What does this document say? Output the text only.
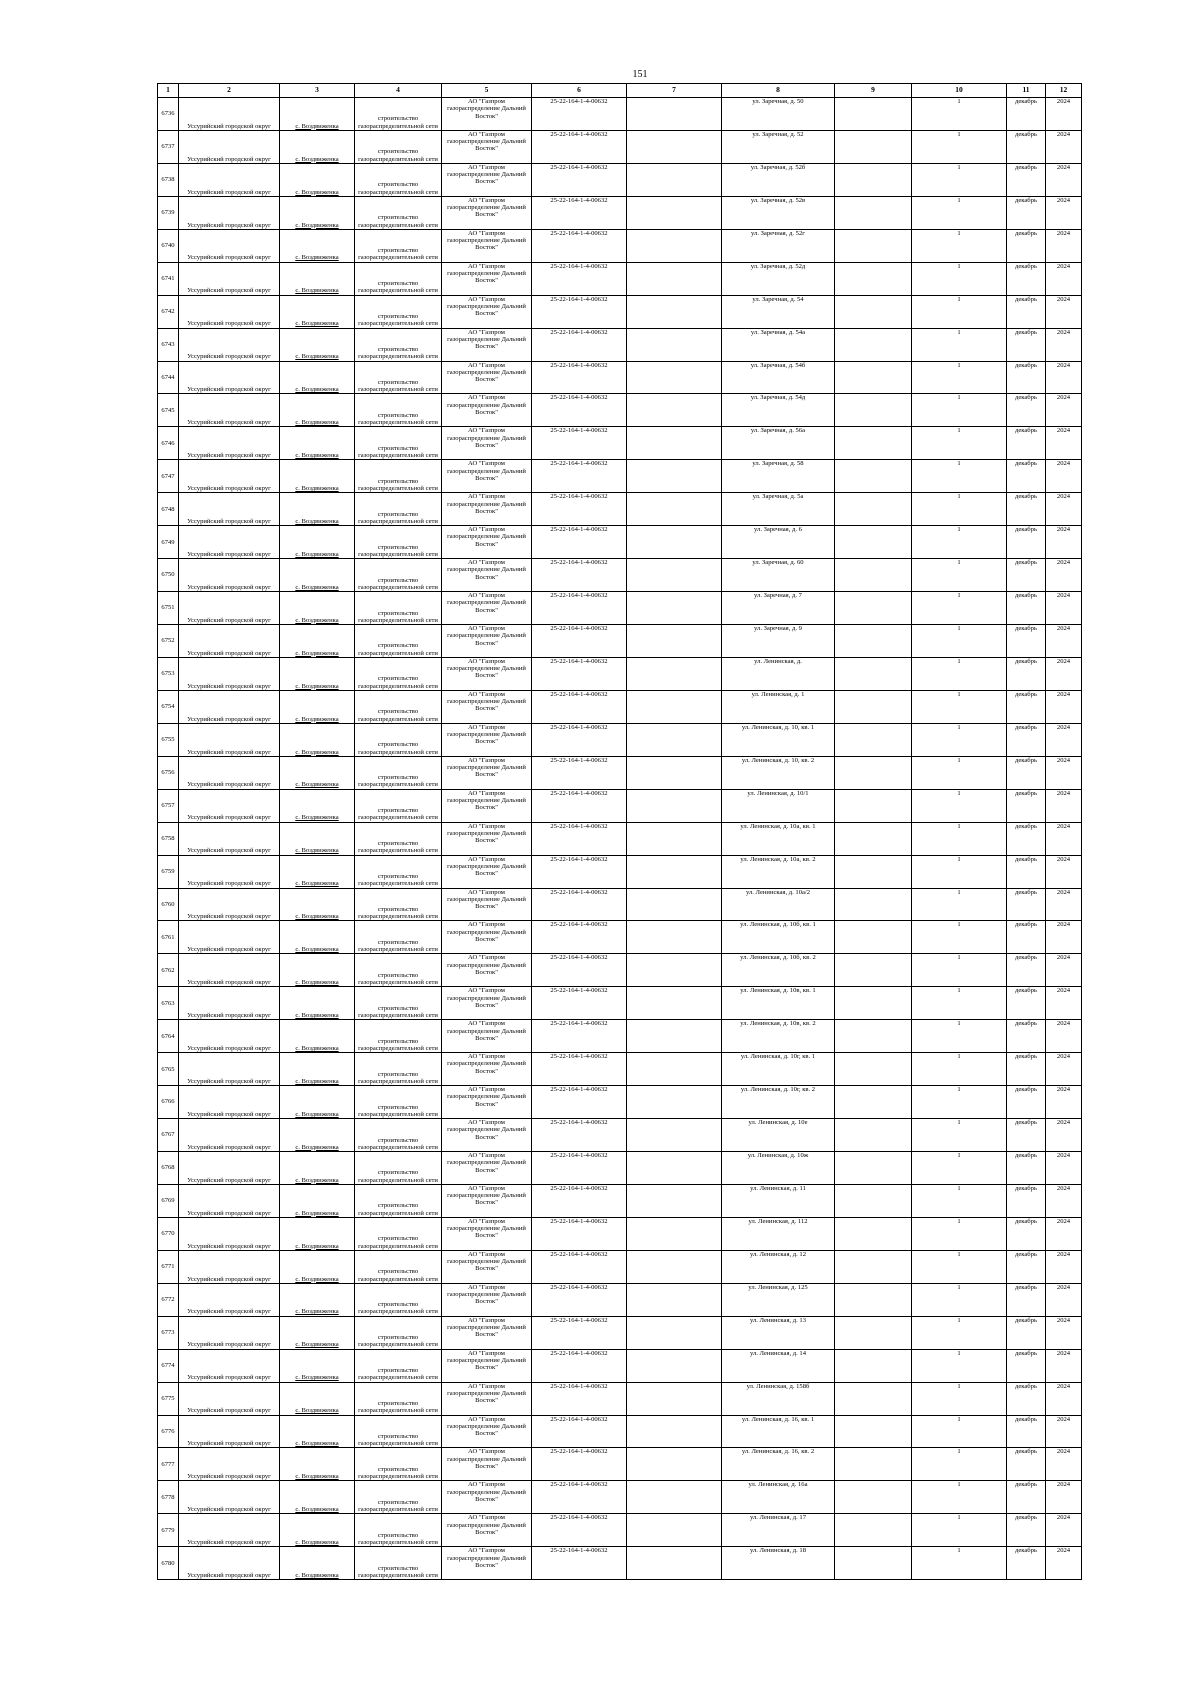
151
1	2	3	4	5	6	7	8	9	10	11	12
6736	Уссурийский городской округ	с. Воздвиженка	строительство газораспределительной сети	АО "Газпром газораспределение Дальний Восток"	25-22-164-1-4-00632		ул. Заречная, д. 50		1	декабрь	2024
6737	Уссурийский городской округ	с. Воздвиженка	строительство газораспределительной сети	АО "Газпром газораспределение Дальний Восток"	25-22-164-1-4-00632		ул. Заречная, д. 52		1	декабрь	2024
6738	Уссурийский городской округ	с. Воздвиженка	строительство газораспределительной сети	АО "Газпром газораспределение Дальний Восток"	25-22-164-1-4-00632		ул. Заречная, д. 52б		1	декабрь	2024
6739	Уссурийский городской округ	с. Воздвиженка	строительство газораспределительной сети	АО "Газпром газораспределение Дальний Восток"	25-22-164-1-4-00632		ул. Заречная, д. 52в		1	декабрь	2024
6740	Уссурийский городской округ	с. Воздвиженка	строительство газораспределительной сети	АО "Газпром газораспределение Дальний Восток"	25-22-164-1-4-00632		ул. Заречная, д. 52г		1	декабрь	2024
6741	Уссурийский городской округ	с. Воздвиженка	строительство газораспределительной сети	АО "Газпром газораспределение Дальний Восток"	25-22-164-1-4-00632		ул. Заречная, д. 52д		1	декабрь	2024
6742	Уссурийский городской округ	с. Воздвиженка	строительство газораспределительной сети	АО "Газпром газораспределение Дальний Восток"	25-22-164-1-4-00632		ул. Заречная, д. 54		1	декабрь	2024
6743	Уссурийский городской округ	с. Воздвиженка	строительство газораспределительной сети	АО "Газпром газораспределение Дальний Восток"	25-22-164-1-4-00632		ул. Заречная, д. 54а		1	декабрь	2024
6744	Уссурийский городской округ	с. Воздвиженка	строительство газораспределительной сети	АО "Газпром газораспределение Дальний Восток"	25-22-164-1-4-00632		ул. Заречная, д. 54б		1	декабрь	2024
6745	Уссурийский городской округ	с. Воздвиженка	строительство газораспределительной сети	АО "Газпром газораспределение Дальний Восток"	25-22-164-1-4-00632		ул. Заречная, д. 54д		1	декабрь	2024
6746	Уссурийский городской округ	с. Воздвиженка	строительство газораспределительной сети	АО "Газпром газораспределение Дальний Восток"	25-22-164-1-4-00632		ул. Заречная, д. 56а		1	декабрь	2024
6747	Уссурийский городской округ	с. Воздвиженка	строительство газораспределительной сети	АО "Газпром газораспределение Дальний Восток"	25-22-164-1-4-00632		ул. Заречная, д. 58		1	декабрь	2024
6748	Уссурийский городской округ	с. Воздвиженка	строительство газораспределительной сети	АО "Газпром газораспределение Дальний Восток"	25-22-164-1-4-00632		ул. Заречная, д. 5а		1	декабрь	2024
6749	Уссурийский городской округ	с. Воздвиженка	строительство газораспределительной сети	АО "Газпром газораспределение Дальний Восток"	25-22-164-1-4-00632		ул. Заречная, д. 6		1	декабрь	2024
6750	Уссурийский городской округ	с. Воздвиженка	строительство газораспределительной сети	АО "Газпром газораспределение Дальний Восток"	25-22-164-1-4-00632		ул. Заречная, д. 60		1	декабрь	2024
6751	Уссурийский городской округ	с. Воздвиженка	строительство газораспределительной сети	АО "Газпром газораспределение Дальний Восток"	25-22-164-1-4-00632		ул. Заречная, д. 7		1	декабрь	2024
6752	Уссурийский городской округ	с. Воздвиженка	строительство газораспределительной сети	АО "Газпром газораспределение Дальний Восток"	25-22-164-1-4-00632		ул. Заречная, д. 9		1	декабрь	2024
6753	Уссурийский городской округ	с. Воздвиженка	строительство газораспределительной сети	АО "Газпром газораспределение Дальний Восток"	25-22-164-1-4-00632		ул. Ленинская, д.		1	декабрь	2024
6754	Уссурийский городской округ	с. Воздвиженка	строительство газораспределительной сети	АО "Газпром газораспределение Дальний Восток"	25-22-164-1-4-00632		ул. Ленинская, д. 1		1	декабрь	2024
6755	Уссурийский городской округ	с. Воздвиженка	строительство газораспределительной сети	АО "Газпром газораспределение Дальний Восток"	25-22-164-1-4-00632		ул. Ленинская, д. 10, кв. 1		1	декабрь	2024
6756	Уссурийский городской округ	с. Воздвиженка	строительство газораспределительной сети	АО "Газпром газораспределение Дальний Восток"	25-22-164-1-4-00632		ул. Ленинская, д. 10, кв. 2		1	декабрь	2024
6757	Уссурийский городской округ	с. Воздвиженка	строительство газораспределительной сети	АО "Газпром газораспределение Дальний Восток"	25-22-164-1-4-00632		ул. Ленинская, д. 10/1		1	декабрь	2024
6758	Уссурийский городской округ	с. Воздвиженка	строительство газораспределительной сети	АО "Газпром газораспределение Дальний Восток"	25-22-164-1-4-00632		ул. Ленинская, д. 10а, кв. 1		1	декабрь	2024
6759	Уссурийский городской округ	с. Воздвиженка	строительство газораспределительной сети	АО "Газпром газораспределение Дальний Восток"	25-22-164-1-4-00632		ул. Ленинская, д. 10а, кв. 2		1	декабрь	2024
6760	Уссурийский городской округ	с. Воздвиженка	строительство газораспределительной сети	АО "Газпром газораспределение Дальний Восток"	25-22-164-1-4-00632		ул. Ленинская, д. 10а/2		1	декабрь	2024
6761	Уссурийский городской округ	с. Воздвиженка	строительство газораспределительной сети	АО "Газпром газораспределение Дальний Восток"	25-22-164-1-4-00632		ул. Ленинская, д. 10б, кв. 1		1	декабрь	2024
6762	Уссурийский городской округ	с. Воздвиженка	строительство газораспределительной сети	АО "Газпром газораспределение Дальний Восток"	25-22-164-1-4-00632		ул. Ленинская, д. 10б, кв. 2		1	декабрь	2024
6763	Уссурийский городской округ	с. Воздвиженка	строительство газораспределительной сети	АО "Газпром газораспределение Дальний Восток"	25-22-164-1-4-00632		ул. Ленинская, д. 10в, кв. 1		1	декабрь	2024
6764	Уссурийский городской округ	с. Воздвиженка	строительство газораспределительной сети	АО "Газпром газораспределение Дальний Восток"	25-22-164-1-4-00632		ул. Ленинская, д. 10в, кв. 2		1	декабрь	2024
6765	Уссурийский городской округ	с. Воздвиженка	строительство газораспределительной сети	АО "Газпром газораспределение Дальний Восток"	25-22-164-1-4-00632		ул. Ленинская, д. 10г, кв. 1		1	декабрь	2024
6766	Уссурийский городской округ	с. Воздвиженка	строительство газораспределительной сети	АО "Газпром газораспределение Дальний Восток"	25-22-164-1-4-00632		ул. Ленинская, д. 10г, кв. 2		1	декабрь	2024
6767	Уссурийский городской округ	с. Воздвиженка	строительство газораспределительной сети	АО "Газпром газораспределение Дальний Восток"	25-22-164-1-4-00632		ул. Ленинская, д. 10е		1	декабрь	2024
6768	Уссурийский городской округ	с. Воздвиженка	строительство газораспределительной сети	АО "Газпром газораспределение Дальний Восток"	25-22-164-1-4-00632		ул. Ленинская, д. 10ж		1	декабрь	2024
6769	Уссурийский городской округ	с. Воздвиженка	строительство газораспределительной сети	АО "Газпром газораспределение Дальний Восток"	25-22-164-1-4-00632		ул. Ленинская, д. 11		1	декабрь	2024
6770	Уссурийский городской округ	с. Воздвиженка	строительство газораспределительной сети	АО "Газпром газораспределение Дальний Восток"	25-22-164-1-4-00632		ул. Ленинская, д. 112		1	декабрь	2024
6771	Уссурийский городской округ	с. Воздвиженка	строительство газораспределительной сети	АО "Газпром газораспределение Дальний Восток"	25-22-164-1-4-00632		ул. Ленинская, д. 12		1	декабрь	2024
6772	Уссурийский городской округ	с. Воздвиженка	строительство газораспределительной сети	АО "Газпром газораспределение Дальний Восток"	25-22-164-1-4-00632		ул. Ленинская, д. 125		1	декабрь	2024
6773	Уссурийский городской округ	с. Воздвиженка	строительство газораспределительной сети	АО "Газпром газораспределение Дальний Восток"	25-22-164-1-4-00632		ул. Ленинская, д. 13		1	декабрь	2024
6774	Уссурийский городской округ	с. Воздвиженка	строительство газораспределительной сети	АО "Газпром газораспределение Дальний Восток"	25-22-164-1-4-00632		ул. Ленинская, д. 14		1	декабрь	2024
6775	Уссурийский городской округ	с. Воздвиженка	строительство газораспределительной сети	АО "Газпром газораспределение Дальний Восток"	25-22-164-1-4-00632		ул. Ленинская, д. 158б		1	декабрь	2024
6776	Уссурийский городской округ	с. Воздвиженка	строительство газораспределительной сети	АО "Газпром газораспределение Дальний Восток"	25-22-164-1-4-00632		ул. Ленинская, д. 16, кв. 1		1	декабрь	2024
6777	Уссурийский городской округ	с. Воздвиженка	строительство газораспределительной сети	АО "Газпром газораспределение Дальний Восток"	25-22-164-1-4-00632		ул. Ленинская, д. 16, кв. 2		1	декабрь	2024
6778	Уссурийский городской округ	с. Воздвиженка	строительство газораспределительной сети	АО "Газпром газораспределение Дальний Восток"	25-22-164-1-4-00632		ул. Ленинская, д. 16а		1	декабрь	2024
6779	Уссурийский городской округ	с. Воздвиженка	строительство газораспределительной сети	АО "Газпром газораспределение Дальний Восток"	25-22-164-1-4-00632		ул. Ленинская, д. 17		1	декабрь	2024
6780	Уссурийский городской округ	с. Воздвиженка	строительство газораспределительной сети	АО "Газпром газораспределение Дальний Восток"	25-22-164-1-4-00632		ул. Ленинская, д. 18		1	декабрь	2024
